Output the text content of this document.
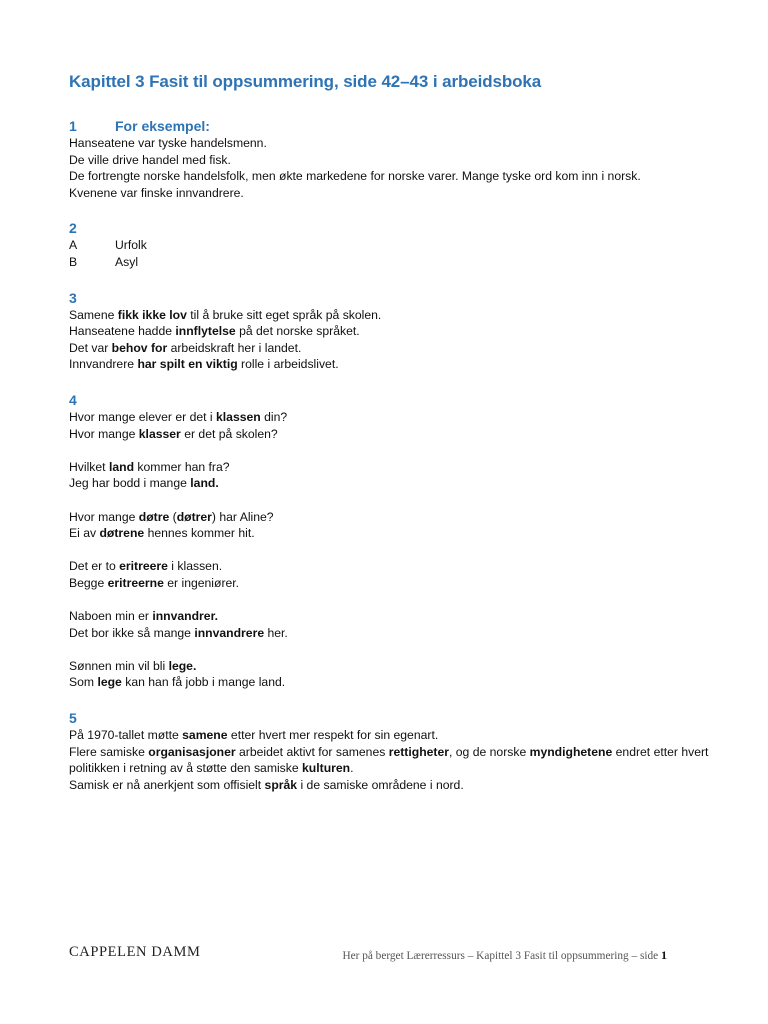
Kapittel 3 Fasit til oppsummering, side 42–43 i arbeidsboka
1	For eksempel:
Hanseatene var tyske handelsmenn.
De ville drive handel med fisk.
De fortrengte norske handelsfolk, men økte markedene for norske varer. Mange tyske ord kom inn i norsk.
Kvenene var finske innvandrere.
2
A	Urfolk
B	Asyl
3
Samene fikk ikke lov til å bruke sitt eget språk på skolen.
Hanseatene hadde innflytelse på det norske språket.
Det var behov for arbeidskraft her i landet.
Innvandrere har spilt en viktig rolle i arbeidslivet.
4
Hvor mange elever er det i klassen din?
Hvor mange klasser er det på skolen?
Hvilket land kommer han fra?
Jeg har bodd i mange land.
Hvor mange døtre (døtrer) har Aline?
Ei av døtrene hennes kommer hit.
Det er to eritreere i klassen.
Begge eritreerne er ingeniører.
Naboen min er innvandrer.
Det bor ikke så mange innvandrere her.
Sønnen min vil bli lege.
Som lege kan han få jobb i mange land.
5
På 1970-tallet møtte samene etter hvert mer respekt for sin egenart.
Flere samiske organisasjoner arbeidet aktivt for samenes rettigheter, og de norske myndighetene endret etter hvert politikken i retning av å støtte den samiske kulturen.
Samisk er nå anerkjent som offisielt språk i de samiske områdene i nord.
CAPPELEN DAMM	Her på berget Lærerressurs – Kapittel 3 Fasit til oppsummering – side 1
